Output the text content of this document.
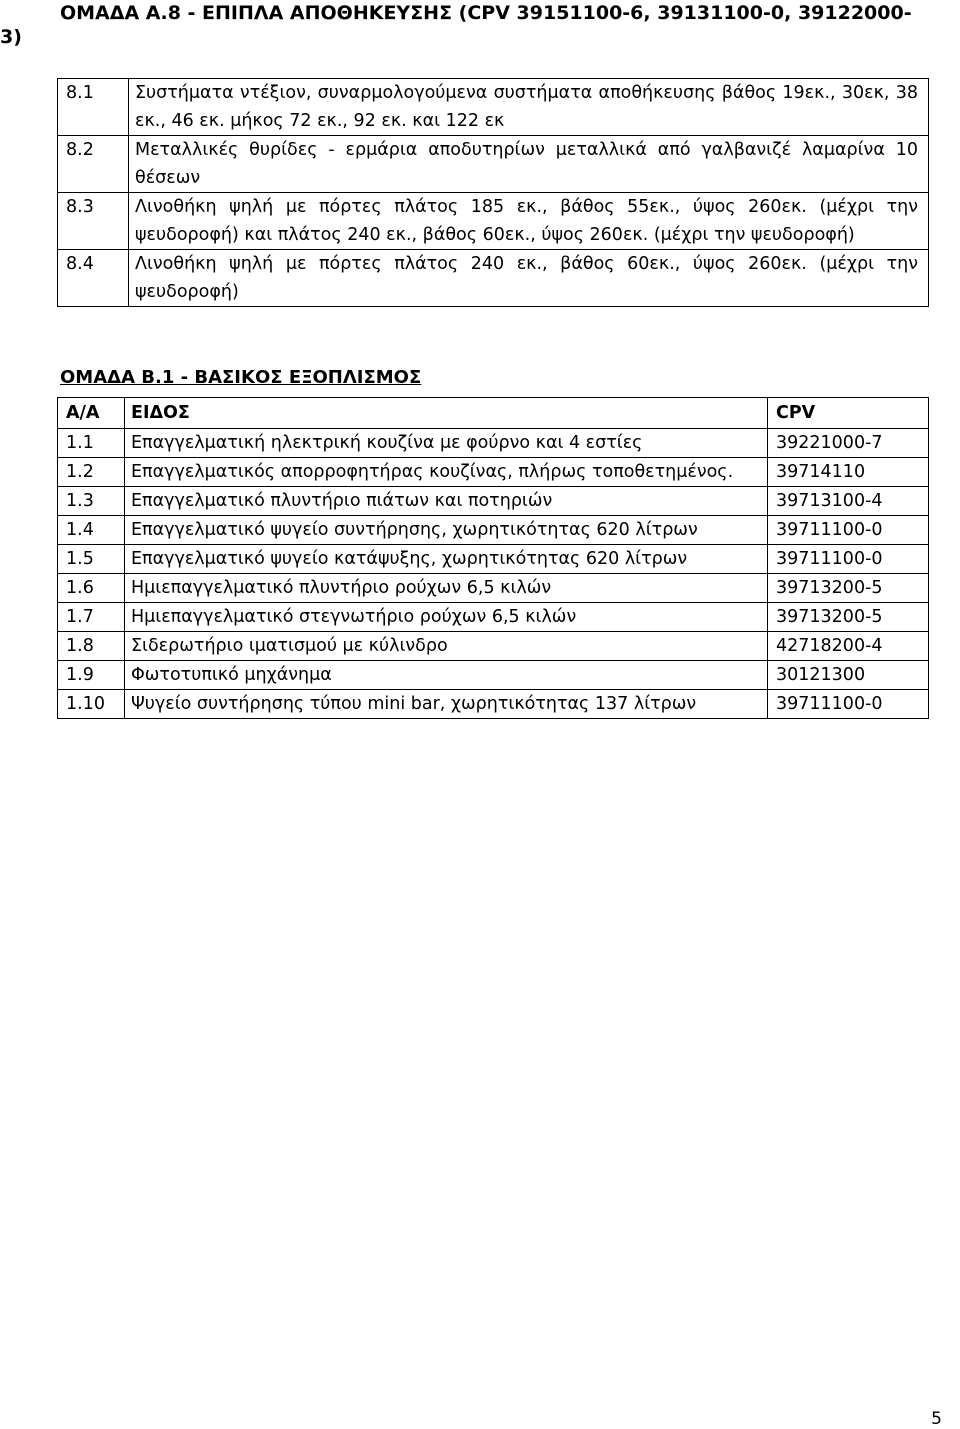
ΟΜΑΔΑ Α.8 - ΕΠΙΠΛΑ ΑΠΟΘΗΚΕΥΣΗΣ (CPV 39151100-6, 39131100-0, 39122000-
3)
8.1	Συστήματα ντέξιον, συναρμολογούμενα συστήματα αποθήκευσης βάθος 19εκ., 30εκ, 38 εκ., 46 εκ. μήκος 72 εκ., 92 εκ. και 122 εκ
8.2	Μεταλλικές θυρίδες - ερμάρια αποδυτηρίων μεταλλικά από γαλβανιζέ λαμαρίνα 10 θέσεων
8.3	Λινοθήκη ψηλή με πόρτες πλάτος 185 εκ., βάθος 55εκ., ύψος 260εκ. (μέχρι την ψευδοροφή) και πλάτος 240 εκ., βάθος 60εκ., ύψος 260εκ. (μέχρι την ψευδοροφή)
8.4	Λινοθήκη ψηλή με πόρτες πλάτος 240 εκ., βάθος 60εκ., ύψος 260εκ. (μέχρι την ψευδοροφή)
ΟΜΑΔΑ Β.1 - ΒΑΣΙΚΟΣ ΕΞΟΠΛΙΣΜΟΣ
Α/Α	ΕΙΔΟΣ	CPV
1.1	Επαγγελματική ηλεκτρική κουζίνα με φούρνο και 4 εστίες	39221000-7
1.2	Επαγγελματικός απορροφητήρας κουζίνας, πλήρως τοποθετημένος.	39714110
1.3	Επαγγελματικό πλυντήριο πιάτων και ποτηριών	39713100-4
1.4	Επαγγελματικό ψυγείο συντήρησης, χωρητικότητας 620 λίτρων	39711100-0
1.5	Επαγγελματικό ψυγείο κατάψυξης, χωρητικότητας 620 λίτρων	39711100-0
1.6	Ημιεπαγγελματικό πλυντήριο ρούχων 6,5 κιλών	39713200-5
1.7	Ημιεπαγγελματικό στεγνωτήριο ρούχων 6,5 κιλών	39713200-5
1.8	Σιδερωτήριο ιματισμού με κύλινδρο	42718200-4
1.9	Φωτοτυπικό μηχάνημα	30121300
1.10	Ψυγείο συντήρησης τύπου mini bar, χωρητικότητας 137 λίτρων	39711100-0
5
